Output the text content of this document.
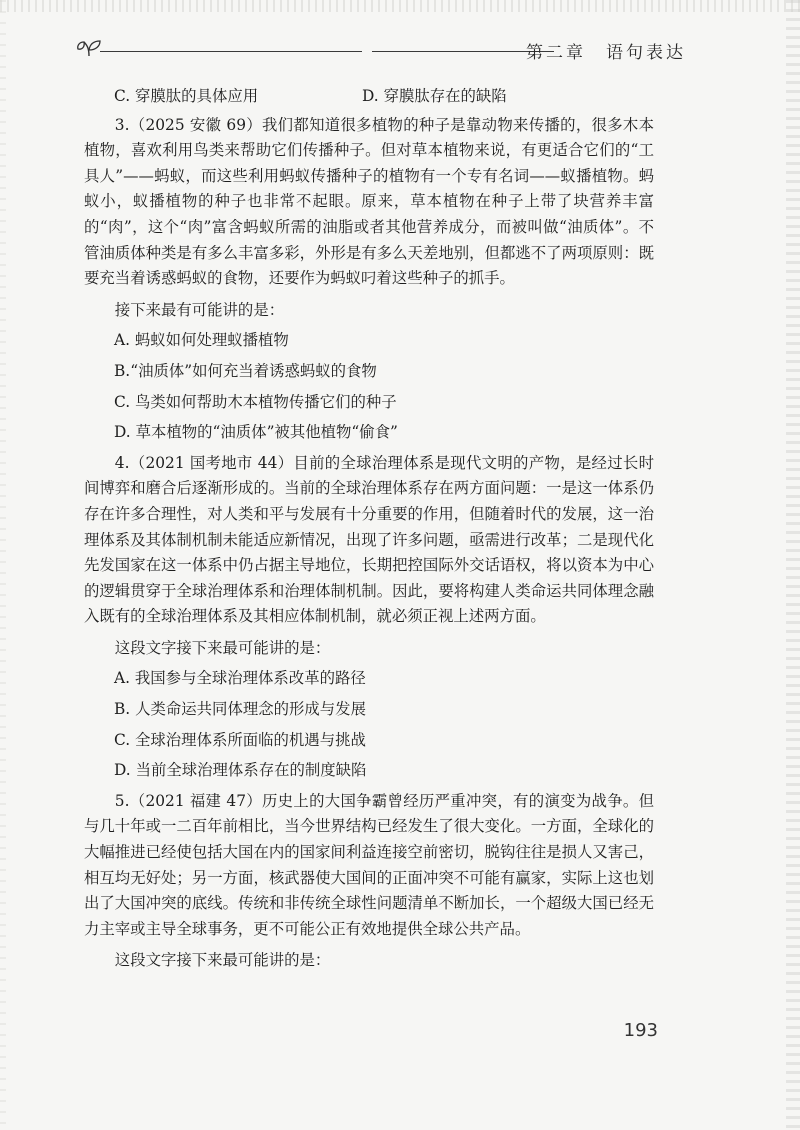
第二章　语句表达
C. 穿膜肽的具体应用	D. 穿膜肽存在的缺陷

3.（2025 安徽 69）我们都知道很多植物的种子是靠动物来传播的，很多木本植物，喜欢利用鸟类来帮助它们传播种子。但对草本植物来说，有更适合它们的“工具人”——蚂蚁，而这些利用蚂蚁传播种子的植物有一个专有名词——蚁播植物。蚂蚁小，蚁播植物的种子也非常不起眼。原来，草本植物在种子上带了块营养丰富的“肉”，这个“肉”富含蚂蚁所需的油脂或者其他营养成分，而被叫做“油质体”。不管油质体种类是有多么丰富多彩，外形是有多么天差地别，但都逃不了两项原则：既要充当着诱惑蚂蚁的食物，还要作为蚂蚁叼着这些种子的抓手。

接下来最有可能讲的是：

A. 蚂蚁如何处理蚁播植物
B.“油质体”如何充当着诱惑蚂蚁的食物
C. 鸟类如何帮助木本植物传播它们的种子
D. 草本植物的“油质体”被其他植物“偷食”

4.（2021 国考地市 44）目前的全球治理体系是现代文明的产物，是经过长时间博弈和磨合后逐渐形成的。当前的全球治理体系存在两方面问题：一是这一体系仍存在许多合理性，对人类和平与发展有十分重要的作用，但随着时代的发展，这一治理体系及其体制机制未能适应新情况，出现了许多问题，亟需进行改革；二是现代化先发国家在这一体系中仍占据主导地位，长期把控国际外交话语权，将以资本为中心的逻辑贯穿于全球治理体系和治理体制机制。因此，要将构建人类命运共同体理念融入既有的全球治理体系及其相应体制机制，就必须正视上述两方面。

这段文字接下来最可能讲的是：

A. 我国参与全球治理体系改革的路径
B. 人类命运共同体理念的形成与发展
C. 全球治理体系所面临的机遇与挑战
D. 当前全球治理体系存在的制度缺陷

5.（2021 福建 47）历史上的大国争霸曾经历严重冲突，有的演变为战争。但与几十年或一二百年前相比，当今世界结构已经发生了很大变化。一方面，全球化的大幅推进已经使包括大国在内的国家间利益连接空前密切，脱钩往往是损人又害己，相互均无好处；另一方面，核武器使大国间的正面冲突不可能有赢家，实际上这也划出了大国冲突的底线。传统和非传统全球性问题清单不断加长，一个超级大国已经无力主宰或主导全球事务，更不可能公正有效地提供全球公共产品。

这段文字接下来最可能讲的是：

193
